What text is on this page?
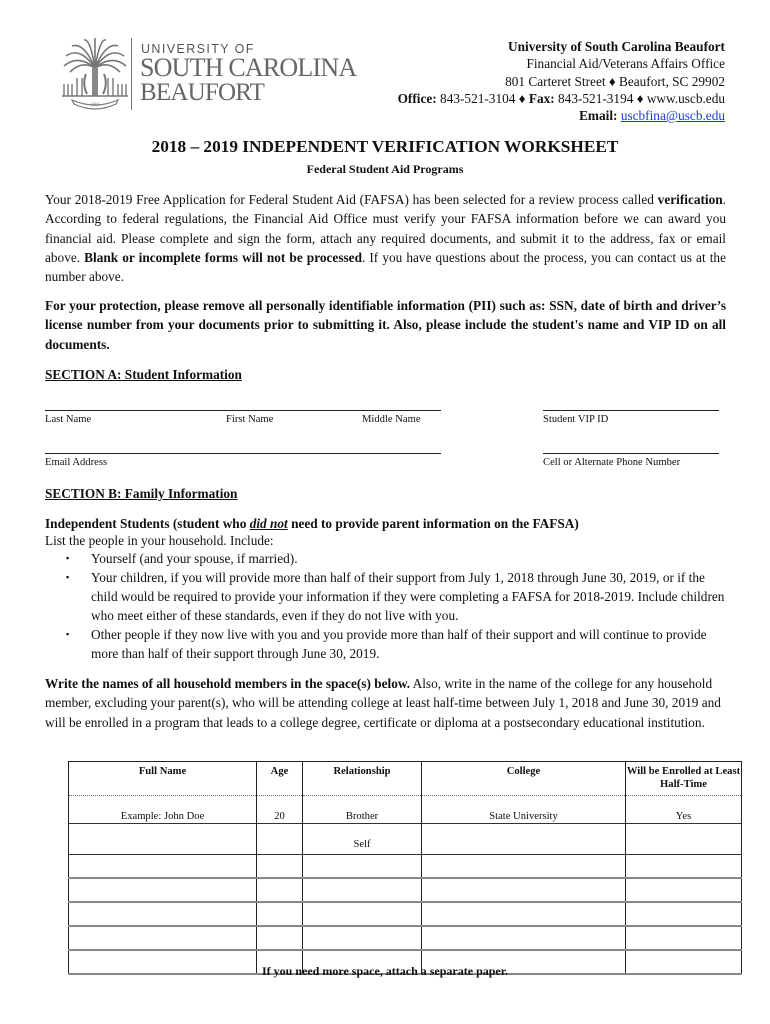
1801
UNIVERSITY OF
SOUTH CAROLINA
BEAUFORT
University of South Carolina Beaufort
Financial Aid/Veterans Affairs Office
801 Carteret Street ♦ Beaufort, SC 29902
Office: 843-521-3104 ♦ Fax: 843-521-3194 ♦ www.uscb.edu
Email: uscbfina@uscb.edu
2018 – 2019 INDEPENDENT VERIFICATION WORKSHEET
Federal Student Aid Programs
Your 2018-2019 Free Application for Federal Student Aid (FAFSA) has been selected for a review process called verification. According to federal regulations, the Financial Aid Office must verify your FAFSA information before we can award you financial aid. Please complete and sign the form, attach any required documents, and submit it to the address, fax or email above. Blank or incomplete forms will not be processed. If you have questions about the process, you can contact us at the number above.
For your protection, please remove all personally identifiable information (PII) such as: SSN, date of birth and driver’s license number from your documents prior to submitting it. Also, please include the student's name and VIP ID on all documents.
SECTION A: Student Information
Last Name	First Name	Middle Name	Student VIP ID
Email Address	Cell or Alternate Phone Number
SECTION B: Family Information
Independent Students (student who did not need to provide parent information on the FAFSA)
List the people in your household. Include:
▪ Yourself (and your spouse, if married).
▪ Your children, if you will provide more than half of their support from July 1, 2018 through June 30, 2019, or if the child would be required to provide your information if they were completing a FAFSA for 2018-2019. Include children who meet either of these standards, even if they do not live with you.
▪ Other people if they now live with you and you provide more than half of their support and will continue to provide more than half of their support through June 30, 2019.
Write the names of all household members in the space(s) below. Also, write in the name of the college for any household member, excluding your parent(s), who will be attending college at least half-time between July 1, 2018 and June 30, 2019 and will be enrolled in a program that leads to a college degree, certificate or diploma at a postsecondary educational institution.
Full Name	Age	Relationship	College	Will be Enrolled at Least Half-Time
Example: John Doe	20	Brother	State University	Yes
		Self		

If you need more space, attach a separate paper.
